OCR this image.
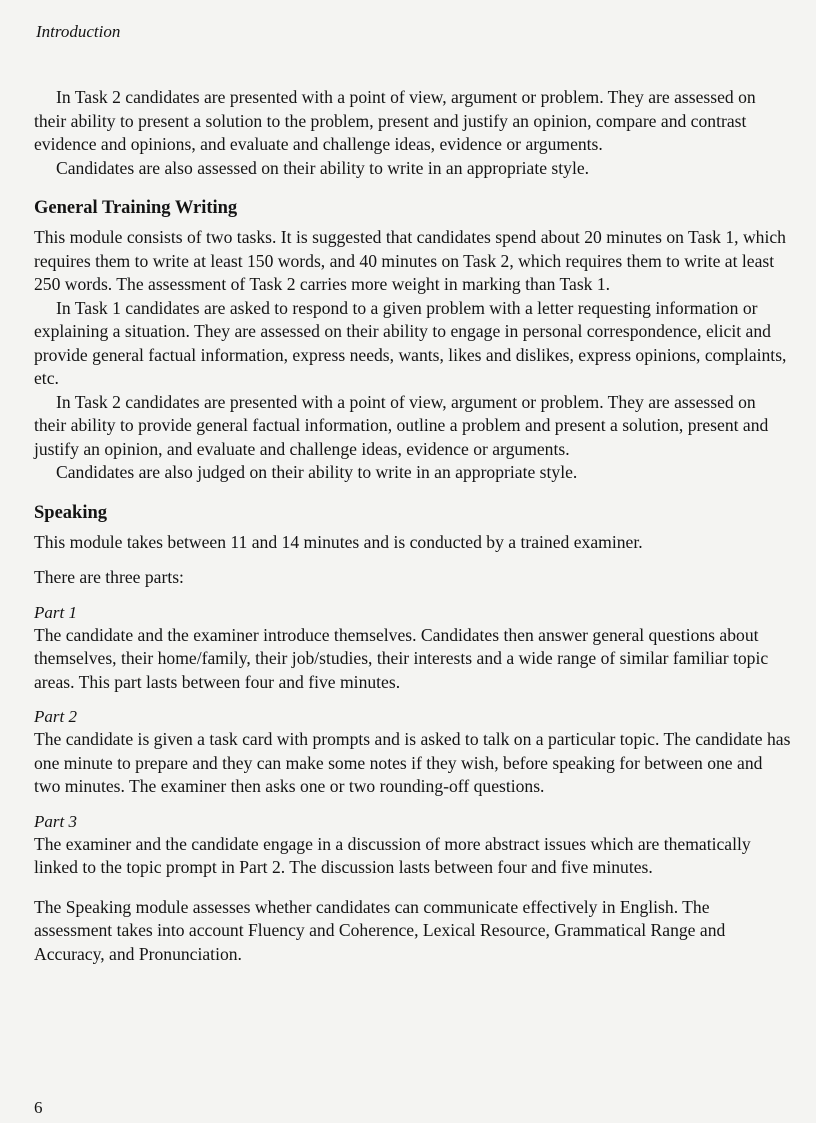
Introduction

In Task 2 candidates are presented with a point of view, argument or problem. They are assessed on their ability to present a solution to the problem, present and justify an opinion, compare and contrast evidence and opinions, and evaluate and challenge ideas, evidence or arguments.

Candidates are also assessed on their ability to write in an appropriate style.

General Training Writing

This module consists of two tasks. It is suggested that candidates spend about 20 minutes on Task 1, which requires them to write at least 150 words, and 40 minutes on Task 2, which requires them to write at least 250 words. The assessment of Task 2 carries more weight in marking than Task 1.

In Task 1 candidates are asked to respond to a given problem with a letter requesting information or explaining a situation. They are assessed on their ability to engage in personal correspondence, elicit and provide general factual information, express needs, wants, likes and dislikes, express opinions, complaints, etc.

In Task 2 candidates are presented with a point of view, argument or problem. They are assessed on their ability to provide general factual information, outline a problem and present a solution, present and justify an opinion, and evaluate and challenge ideas, evidence or arguments.

Candidates are also judged on their ability to write in an appropriate style.

Speaking

This module takes between 11 and 14 minutes and is conducted by a trained examiner.

There are three parts:

Part 1

The candidate and the examiner introduce themselves. Candidates then answer general questions about themselves, their home/family, their job/studies, their interests and a wide range of similar familiar topic areas. This part lasts between four and five minutes.

Part 2

The candidate is given a task card with prompts and is asked to talk on a particular topic. The candidate has one minute to prepare and they can make some notes if they wish, before speaking for between one and two minutes. The examiner then asks one or two rounding-off questions.

Part 3

The examiner and the candidate engage in a discussion of more abstract issues which are thematically linked to the topic prompt in Part 2. The discussion lasts between four and five minutes.

The Speaking module assesses whether candidates can communicate effectively in English. The assessment takes into account Fluency and Coherence, Lexical Resource, Grammatical Range and Accuracy, and Pronunciation.

6
